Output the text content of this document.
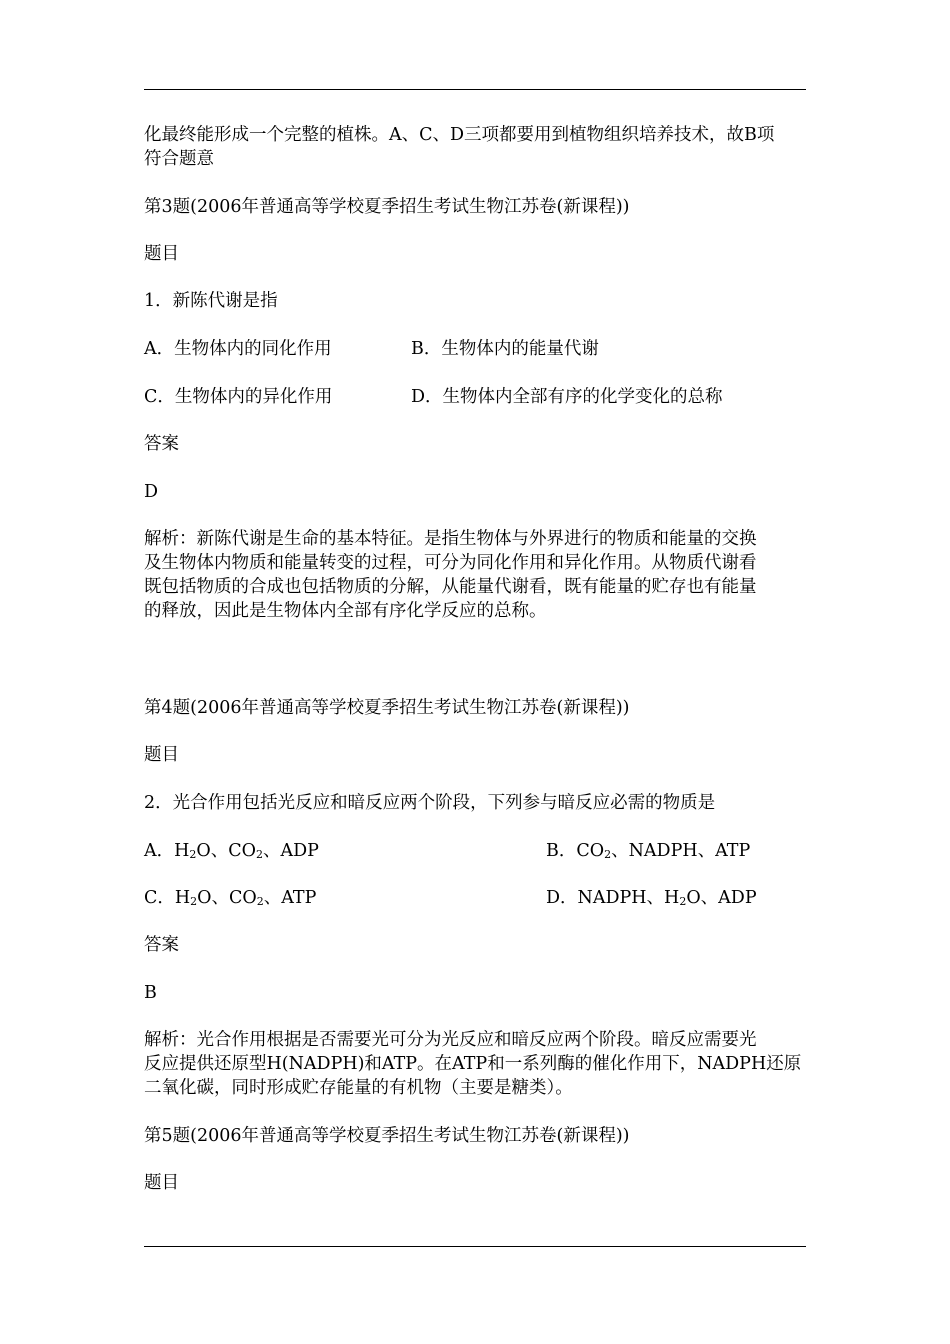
化最终能形成一个完整的植株。A、C、D三项都要用到植物组织培养技术，故B项
符合题意
第3题(2006年普通高等学校夏季招生考试生物江苏卷(新课程))
题目
1．新陈代谢是指
A．生物体内的同化作用	B．生物体内的能量代谢
C．生物体内的异化作用	D．生物体内全部有序的化学变化的总称
答案
D
解析：新陈代谢是生命的基本特征。是指生物体与外界进行的物质和能量的交换
及生物体内物质和能量转变的过程，可分为同化作用和异化作用。从物质代谢看
既包括物质的合成也包括物质的分解，从能量代谢看，既有能量的贮存也有能量
的释放，因此是生物体内全部有序化学反应的总称。
第4题(2006年普通高等学校夏季招生考试生物江苏卷(新课程))
题目
2．光合作用包括光反应和暗反应两个阶段，下列参与暗反应必需的物质是
A．$H_2O$、$CO_2$、ADP	B．$CO_2$、NADPH、ATP
C．$H_2O$、$CO_2$、ATP	D．NADPH、$H_2O$、ADP
答案
B
解析：光合作用根据是否需要光可分为光反应和暗反应两个阶段。暗反应需要光
反应提供还原型H(NADPH)和ATP。在ATP和一系列酶的催化作用下，NADPH还原
二氧化碳，同时形成贮存能量的有机物（主要是糖类）。
第5题(2006年普通高等学校夏季招生考试生物江苏卷(新课程))
题目
